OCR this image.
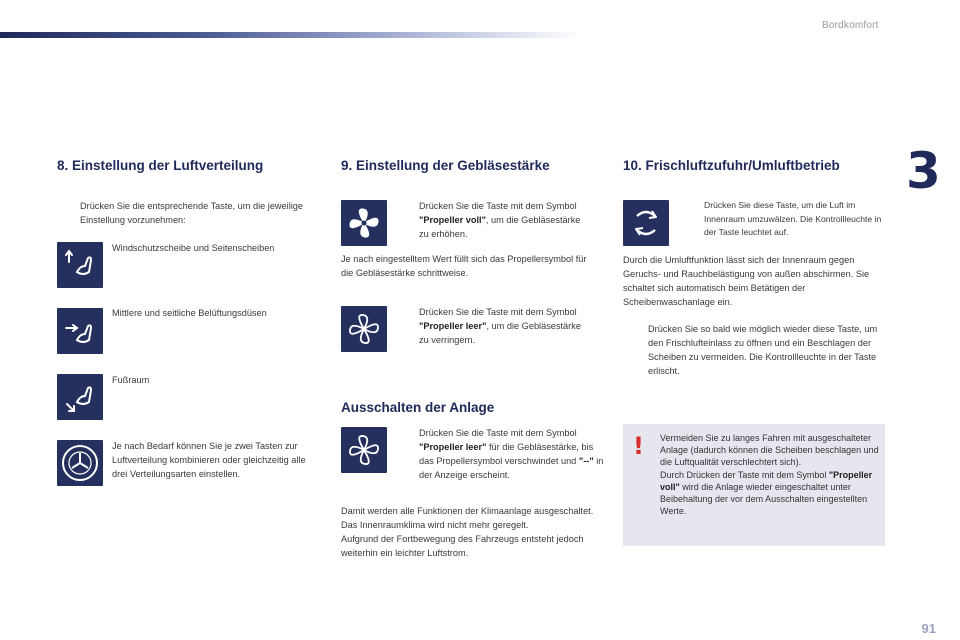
Bordkomfort
3
8. Einstellung der Luftverteilung
Drücken Sie die entsprechende Taste, um die jeweilige Einstellung vorzunehmen:
Windschutzscheibe und Seitenscheiben
Mittlere und seitliche Belüftungsdüsen
Fußraum
Je nach Bedarf können Sie je zwei Tasten zur Luftverteilung kombinieren oder gleichzeitig alle drei Verteilungsarten einstellen.
9. Einstellung der Gebläsestärke
Drücken Sie die Taste mit dem Symbol "Propeller voll", um die Gebläsestärke zu erhöhen.
Je nach eingestelltem Wert füllt sich das Propellersymbol für die Gebläsestärke schrittweise.
Drücken Sie die Taste mit dem Symbol "Propeller leer", um die Gebläsestärke zu verringern.
Ausschalten der Anlage
Drücken Sie die Taste mit dem Symbol "Propeller leer" für die Gebläsestärke, bis das Propellersymbol verschwindet und "--" in der Anzeige erscheint.
Damit werden alle Funktionen der Klimaanlage ausgeschaltet.
Das Innenraumklima wird nicht mehr geregelt.
Aufgrund der Fortbewegung des Fahrzeugs entsteht jedoch weiterhin ein leichter Luftstrom.
10. Frischluftzufuhr/Umluftbetrieb
Drücken Sie diese Taste, um die Luft im Innenraum umzuwälzen. Die Kontrollleuchte in der Taste leuchtet auf.
Durch die Umluftfunktion lässt sich der Innenraum gegen Geruchs- und Rauchbelästigung von außen abschirmen. Sie schaltet sich automatisch beim Betätigen der Scheibenwaschanlage ein.
Drücken Sie so bald wie möglich wieder diese Taste, um den Frischlufteinlass zu öffnen und ein Beschlagen der Scheiben zu vermeiden. Die Kontrollleuchte in der Taste erlischt.
! Vermeiden Sie zu langes Fahren mit ausgeschalteter Anlage (dadurch können die Scheiben beschlagen und die Luftqualität verschlechtert sich).
Durch Drücken der Taste mit dem Symbol "Propeller voll" wird die Anlage wieder eingeschaltet unter Beibehaltung der vor dem Ausschalten eingestellten Werte.
91
